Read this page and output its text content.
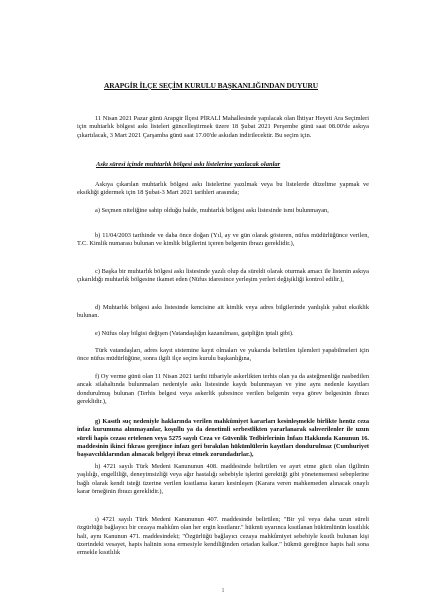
ARAPGİR İLÇE SEÇİM KURULU BAŞKANLIĞINDAN DUYURU

11 Nisan 2021 Pazar günü Arapgir İlçesi PİRALİ Mahallesinde yapılacak olan İhtiyar Heyeti Ara Seçimleri için muhtarlık bölgesi askı listeleri güncelleştirmek üzere 18 Şubat 2021 Perşembe günü saat 08.00'de askıya çıkartılacak, 3 Mart 2021 Çarşamba günü saat 17.00'de askıdan indirilecektir. Bu seçim için.

Askı süresi içinde muhtarlık bölgesi askı listelerine yazılacak olanlar

Askıya çıkarılan muhtarlık bölgesi askı listelerine yazılmak veya bu listelerde düzeltme yapmak ve eksikliği gidermek için 18 Şubat-3 Mart 2021 tarihleri arasında;

a) Seçmen niteliğine sahip olduğu halde, muhtarlık bölgesi askı listesinde ismi bulunmayan,

b) 11/04/2003 tarihinde ve daha önce doğan (Yıl, ay ve gün olarak gösteren, nüfus müdürlüğünce verilen, T.C. Kimlik numarası bulunan ve kimlik bilgilerini içeren belgenin ibrazı gereklidir.),

c) Başka bir muhtarlık bölgesi askı listesinde yazılı olup da süreldi olarak oturmak amacı ile listenin askıya çıkarıldığı muhtarlık bölgesine ikamet eden (Nüfus idaresince yerleşim yerleri değişikliği kontrol edilir.),

d) Muhtarlık bölgesi askı listesinde kencisine ait kimlik veya adres bilgilerinde yanlışlık yahut eksiklik bulunan.

e) Nüfus olay bilgisi değişen (Vatandaşlığın kazanılması, gaipliğin iptali gibi).

Türk vatandaşları, adres kayıt sistemine kayıt olmaları ve yukarıda belirtilen işlemleri yapabilmeleri için önce nüfus müdürlüğüne, sonra ilgili ilçe seçim kurulu başkanlığına,

f) Oy verme günü olan 11 Nisan 2021 tarihi itibariyle askerlikten terhis olan ya da asteğmenliğe nasbedilen ancak silahaltında bulunmaları nedeniyle askı listesinde kaydı bulunmayan ve yine aynı nedenle kayıtları dondurulmuş bulunan (Terhis belgesi veya askerlik şubesince verilen belgenin veya görev belgesinin ibrazı gereklidir.),

g) Kasıtlı suç nedeniyle haklarında verilen mahkûmiyet kararları kesinleşmekle birlikte henüz ceza infaz kurumuna alınmayanlar, koşullu ya da denetimli serbestlikten yararlanarak salıverilenler ile uzun süreli hapis cezası ertelenen veya 5275 sayılı Ceza ve Güvenlik Tedbirlerinin İnfazı Hakkında Kanunun 16. maddesinin ikinci fıkrası gereğince infazı geri bırakılan hükümlülerin kayıtları dondurulmaz (Cumhuriyet başsavcılıklarından alınacak belgeyi ibraz etmek zorundadırlar.),

h) 4721 sayılı Türk Medeni Kanununun 408. maddesinde belirtilen ve ayırt etme gücü olan ilgilinin yaşlılığı, engelliliği, deneyimsizliği veya ağır hastalığı sebebiyle işlerini gerektiği gibi yönetememesi sebeplerine bağlı olarak kendi isteği üzerine verilen kısıtlama kararı kesinleşen (Karara veren mahkemeden alınacak onaylı karar örneğinin ibrazı gereklidir.),

ı) 4721 sayılı Türk Medeni Kanununun 407. maddesinde belirtilen; "Bir yıl veya daha uzun süreli özgürlüğü bağlayıcı bir cezaya mahkûm olan her ergin kısıtlanır." hükmü uyarınca kısıtlanan hükümlünün kısıtlılık hali, aynı Kanunun 471. maddesindeki; "Özgürlüğü bağlayıcı cezaya mahkûmiyet sebebiyle kısıtlı bulunan kişi üzerindeki vesayet, hapis halinin sona ermesiyle kendiliğinden ortadan kalkar." hükmü gereğince hapis hali sona ermekle kısıtlılık

1
